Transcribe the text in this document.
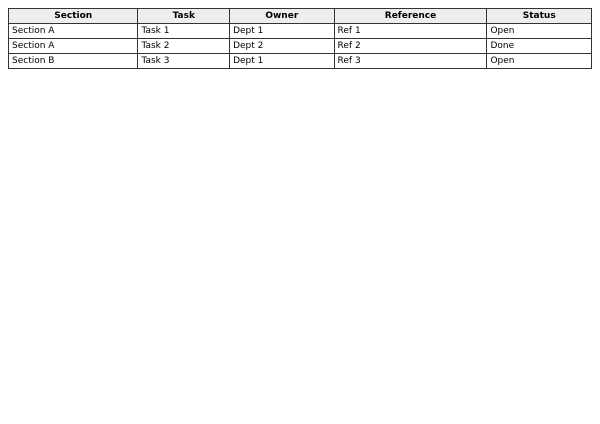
Section	Task	Owner	Reference	Status
Section A	Task 1	Dept 1	Ref 1	Open
Section A	Task 2	Dept 2	Ref 2	Done
Section B	Task 3	Dept 1	Ref 3	Open
